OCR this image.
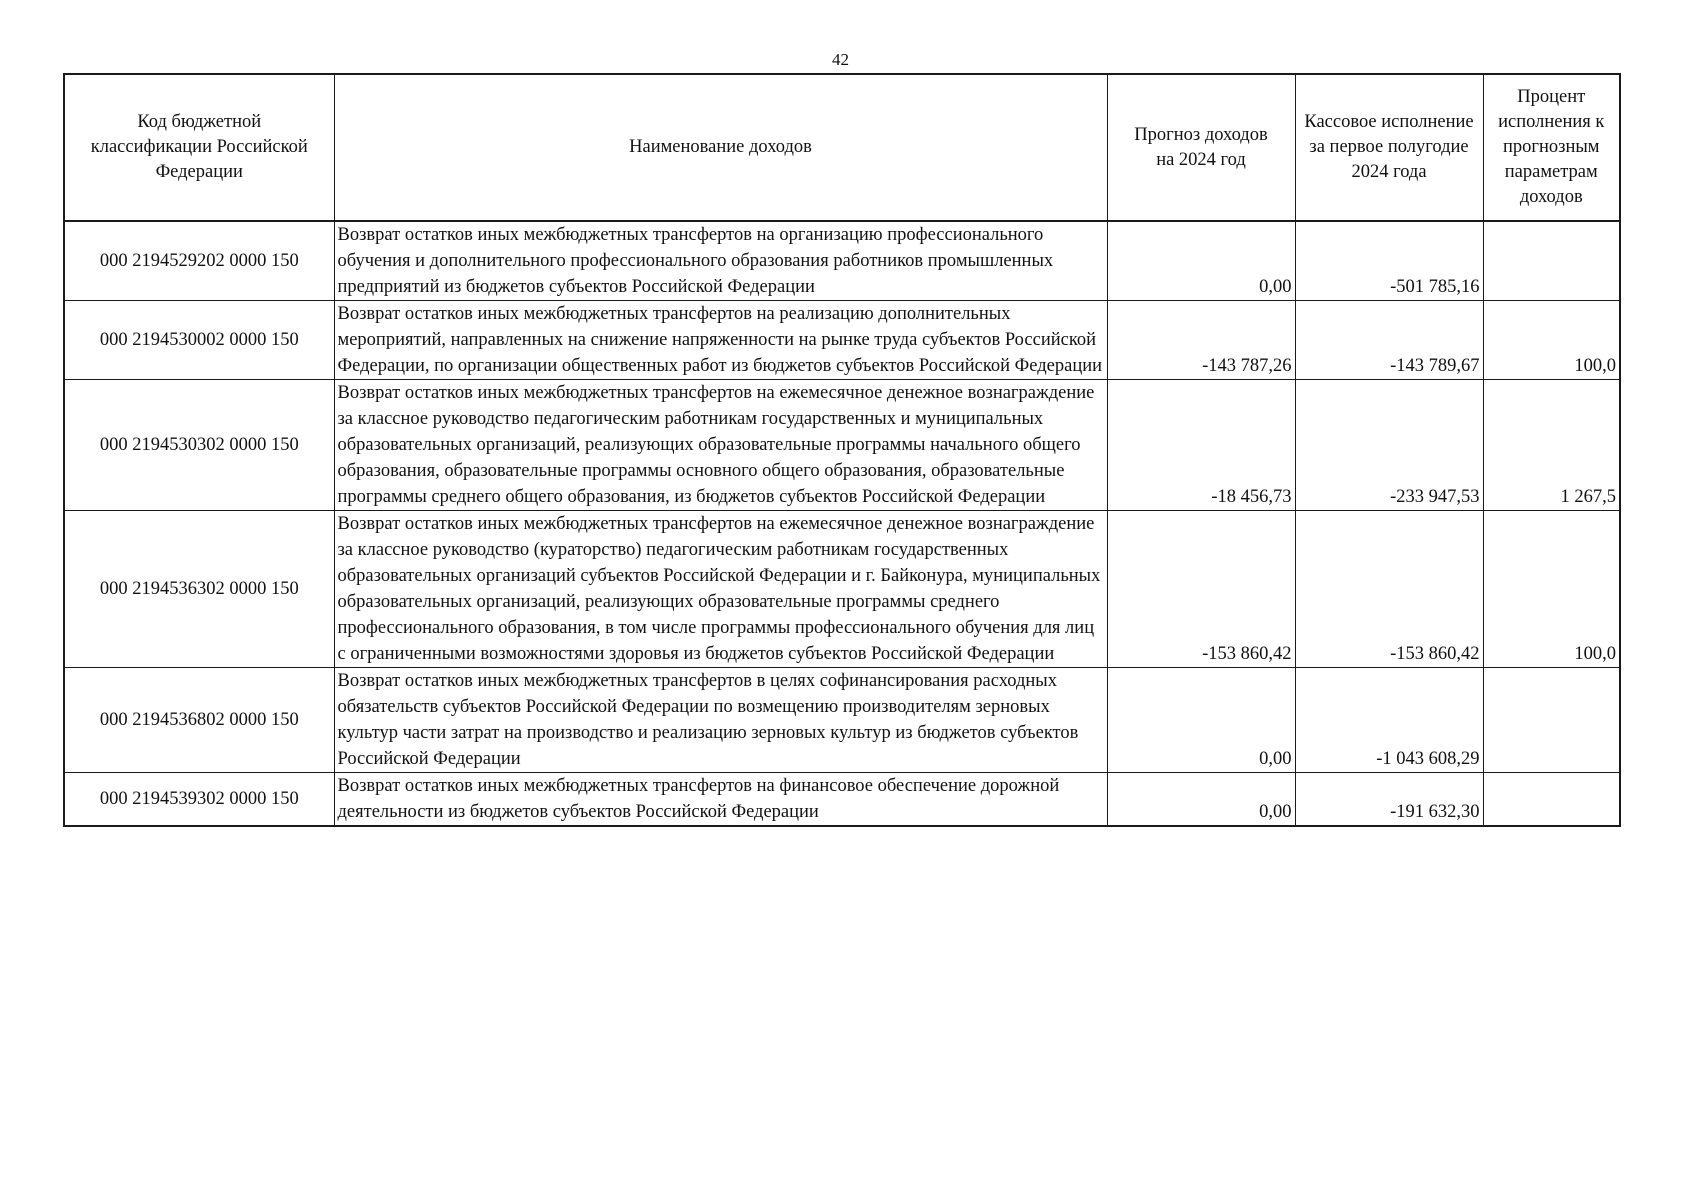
42
Код бюджетной классификации Российской Федерации	Наименование доходов	Прогноз доходов на 2024 год	Кассовое исполнение за первое полугодие 2024 года	Процент исполнения к прогнозным параметрам доходов
000 2194529202 0000 150	Возврат остатков иных межбюджетных трансфертов на организацию профессионального обучения и дополнительного профессионального образования работников промышленных предприятий из бюджетов субъектов Российской Федерации	0,00	-501 785,16	
000 2194530002 0000 150	Возврат остатков иных межбюджетных трансфертов на реализацию дополнительных мероприятий, направленных на снижение напряженности на рынке труда субъектов Российской Федерации, по организации общественных работ из бюджетов субъектов Российской Федерации	-143 787,26	-143 789,67	100,0
000 2194530302 0000 150	Возврат остатков иных межбюджетных трансфертов на ежемесячное денежное вознаграждение за классное руководство педагогическим работникам государственных и муниципальных образовательных организаций, реализующих образовательные программы начального общего образования, образовательные программы основного общего образования, образовательные программы среднего общего образования, из бюджетов субъектов Российской Федерации	-18 456,73	-233 947,53	1 267,5
000 2194536302 0000 150	Возврат остатков иных межбюджетных трансфертов на ежемесячное денежное вознаграждение за классное руководство (кураторство) педагогическим работникам государственных образовательных организаций субъектов Российской Федерации и г. Байконура, муниципальных образовательных организаций, реализующих образовательные программы среднего профессионального образования, в том числе программы профессионального обучения для лиц с ограниченными возможностями здоровья из бюджетов субъектов Российской Федерации	-153 860,42	-153 860,42	100,0
000 2194536802 0000 150	Возврат остатков иных межбюджетных трансфертов в целях софинансирования расходных обязательств субъектов Российской Федерации по возмещению производителям зерновых культур части затрат на производство и реализацию зерновых культур из бюджетов субъектов Российской Федерации	0,00	-1 043 608,29	
000 2194539302 0000 150	Возврат остатков иных межбюджетных трансфертов на финансовое обеспечение дорожной деятельности из бюджетов субъектов Российской Федерации	0,00	-191 632,30	
